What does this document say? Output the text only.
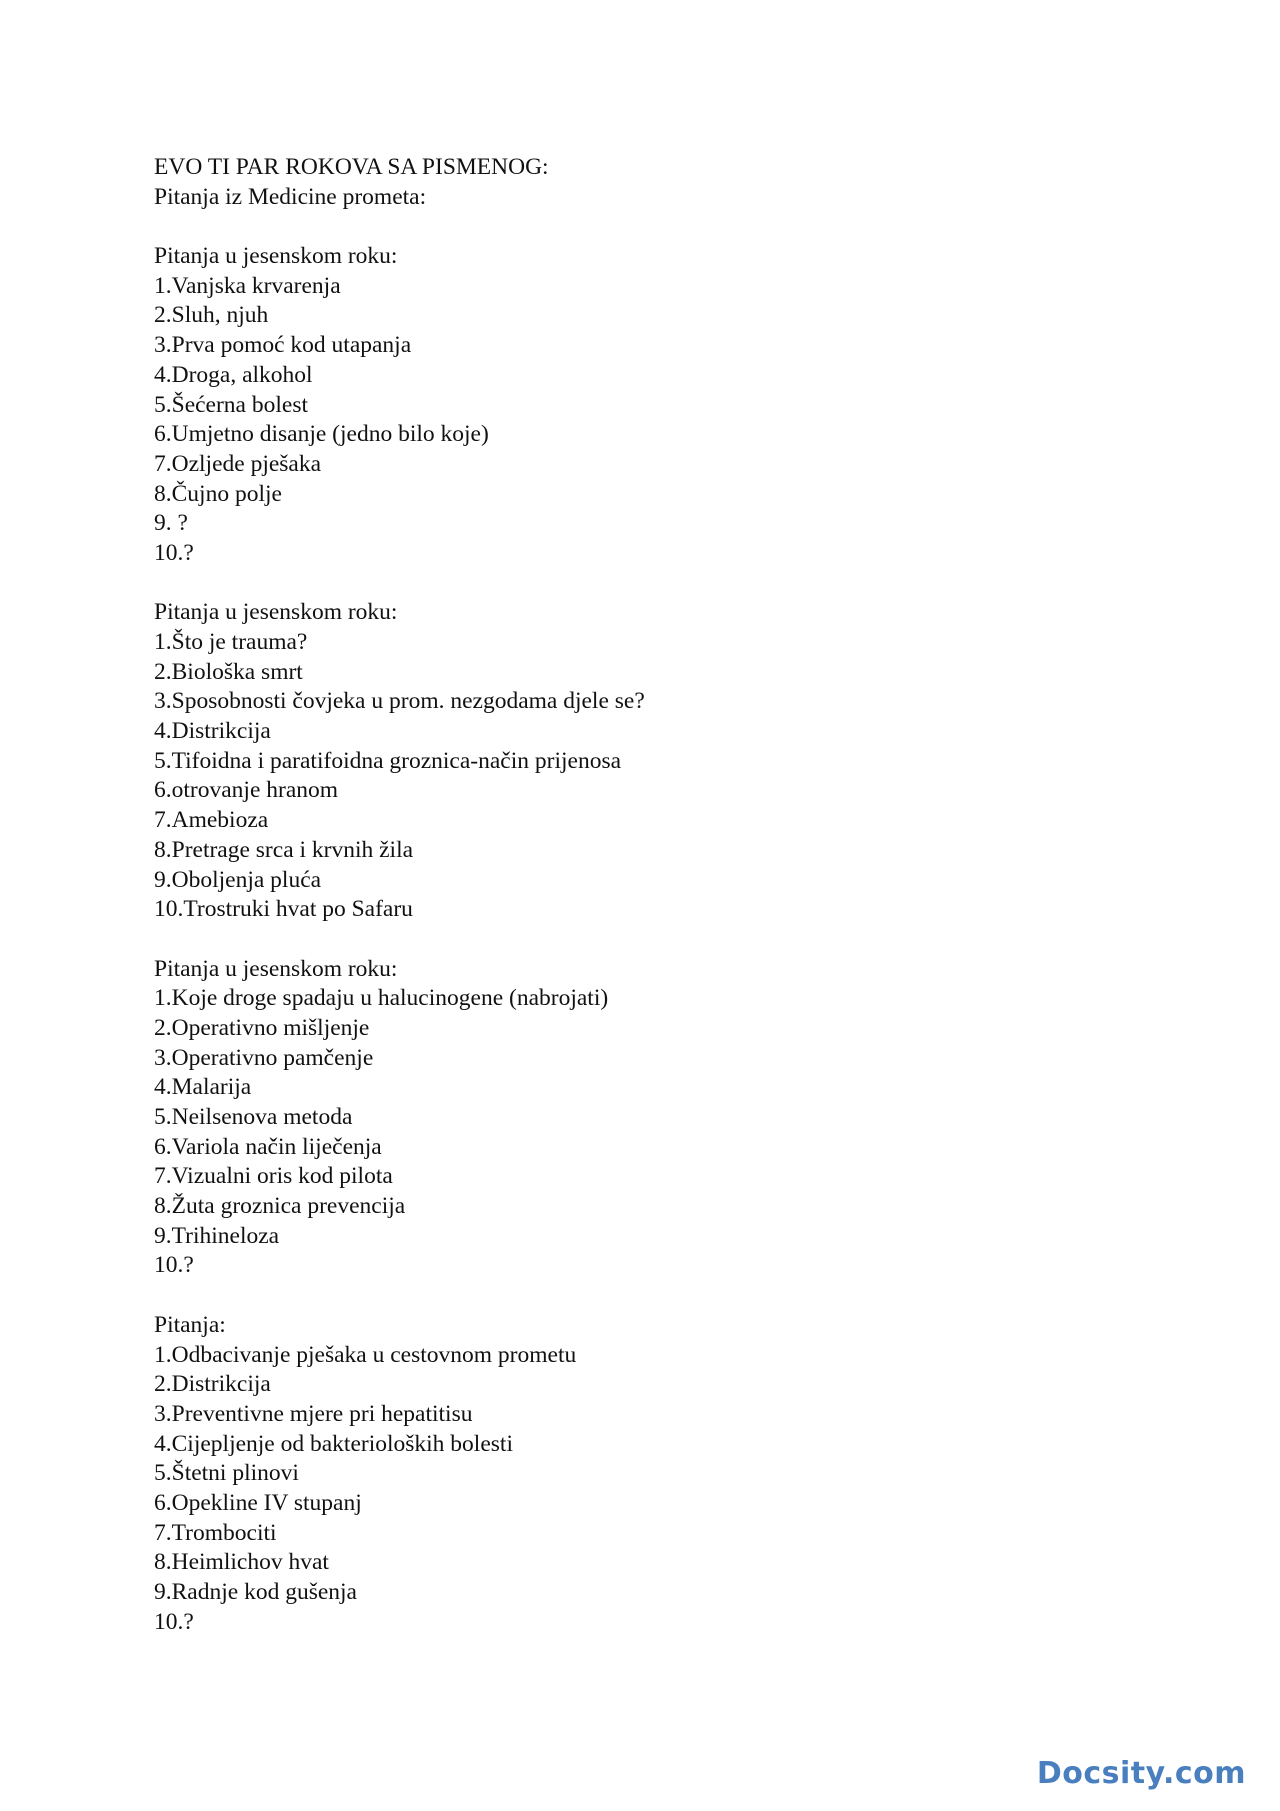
EVO TI PAR ROKOVA SA PISMENOG:
Pitanja iz Medicine prometa:
Pitanja u jesenskom roku:
1.Vanjska krvarenja
2.Sluh, njuh
3.Prva pomoć kod utapanja
4.Droga, alkohol
5.Šećerna bolest
6.Umjetno disanje (jedno bilo koje)
7.Ozljede pješaka
8.Čujno polje
9. ?
10.?
Pitanja u jesenskom roku:
1.Što je trauma?
2.Biološka smrt
3.Sposobnosti čovjeka u prom. nezgodama djele se?
4.Distrikcija
5.Tifoidna i paratifoidna groznica-način prijenosa
6.otrovanje hranom
7.Amebioza
8.Pretrage srca i krvnih žila
9.Oboljenja pluća
10.Trostruki hvat po Safaru
Pitanja u jesenskom roku:
1.Koje droge spadaju u halucinogene (nabrojati)
2.Operativno mišljenje
3.Operativno pamčenje
4.Malarija
5.Neilsenova metoda
6.Variola način liječenja
7.Vizualni oris kod pilota
8.Žuta groznica prevencija
9.Trihineloza
10.?
Pitanja:
1.Odbacivanje pješaka u cestovnom prometu
2.Distrikcija
3.Preventivne mjere pri hepatitisu
4.Cijepljenje od bakterioloških bolesti
5.Štetni plinovi
6.Opekline IV stupanj
7.Trombociti
8.Heimlichov hvat
9.Radnje kod gušenja
10.?
Docsity.com
